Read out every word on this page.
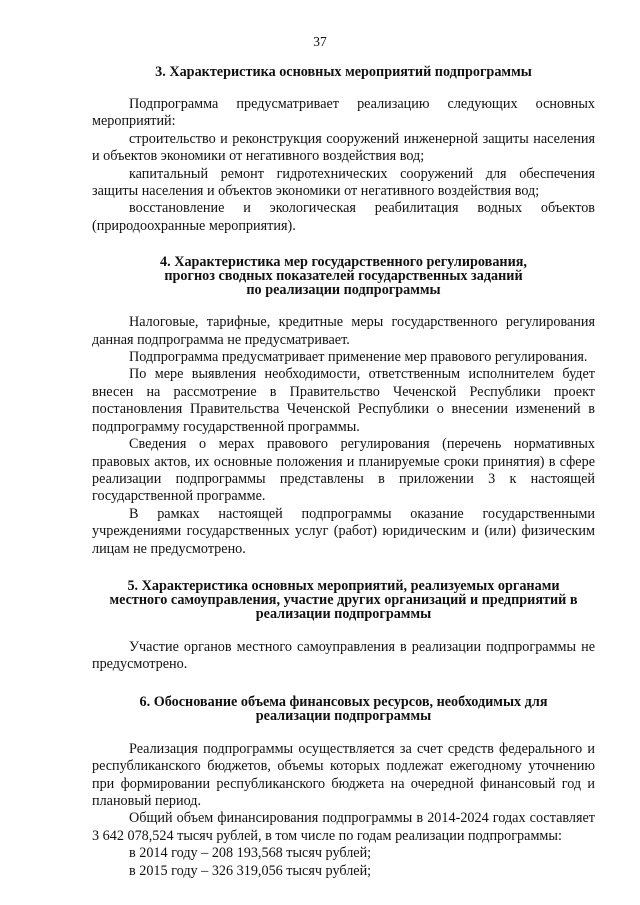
37
3. Характеристика основных мероприятий подпрограммы
Подпрограмма предусматривает реализацию следующих основных мероприятий:
строительство и реконструкция сооружений инженерной защиты населения и объектов экономики от негативного воздействия вод;
капитальный ремонт гидротехнических сооружений для обеспечения защиты населения и объектов экономики от негативного воздействия вод;
восстановление и экологическая реабилитация водных объектов (природоохранные мероприятия).
4. Характеристика мер государственного регулирования,
прогноз сводных показателей государственных заданий
по реализации подпрограммы
Налоговые, тарифные, кредитные меры государственного регулирования данная подпрограмма не предусматривает.
Подпрограмма предусматривает применение мер правового регулирования.
По мере выявления необходимости, ответственным исполнителем будет внесен на рассмотрение в Правительство Чеченской Республики проект постановления Правительства Чеченской Республики о внесении изменений в подпрограмму государственной программы.
Сведения о мерах правового регулирования (перечень нормативных правовых актов, их основные положения и планируемые сроки принятия) в сфере реализации подпрограммы представлены в приложении 3 к настоящей государственной программе.
В рамках настоящей подпрограммы оказание государственными учреждениями государственных услуг (работ) юридическим и (или) физическим лицам не предусмотрено.
5. Характеристика основных мероприятий, реализуемых органами
местного самоуправления, участие других организаций и предприятий в
реализации подпрограммы
Участие органов местного самоуправления в реализации подпрограммы не предусмотрено.
6. Обоснование объема финансовых ресурсов, необходимых для
реализации подпрограммы
Реализация подпрограммы осуществляется за счет средств федерального и республиканского бюджетов, объемы которых подлежат ежегодному уточнению при формировании республиканского бюджета на очередной финансовый год и плановый период.
Общий объем финансирования подпрограммы в 2014-2024 годах составляет 3 642 078,524 тысяч рублей, в том числе по годам реализации подпрограммы:
в 2014 году – 208 193,568 тысяч рублей;
в 2015 году – 326 319,056 тысяч рублей;
